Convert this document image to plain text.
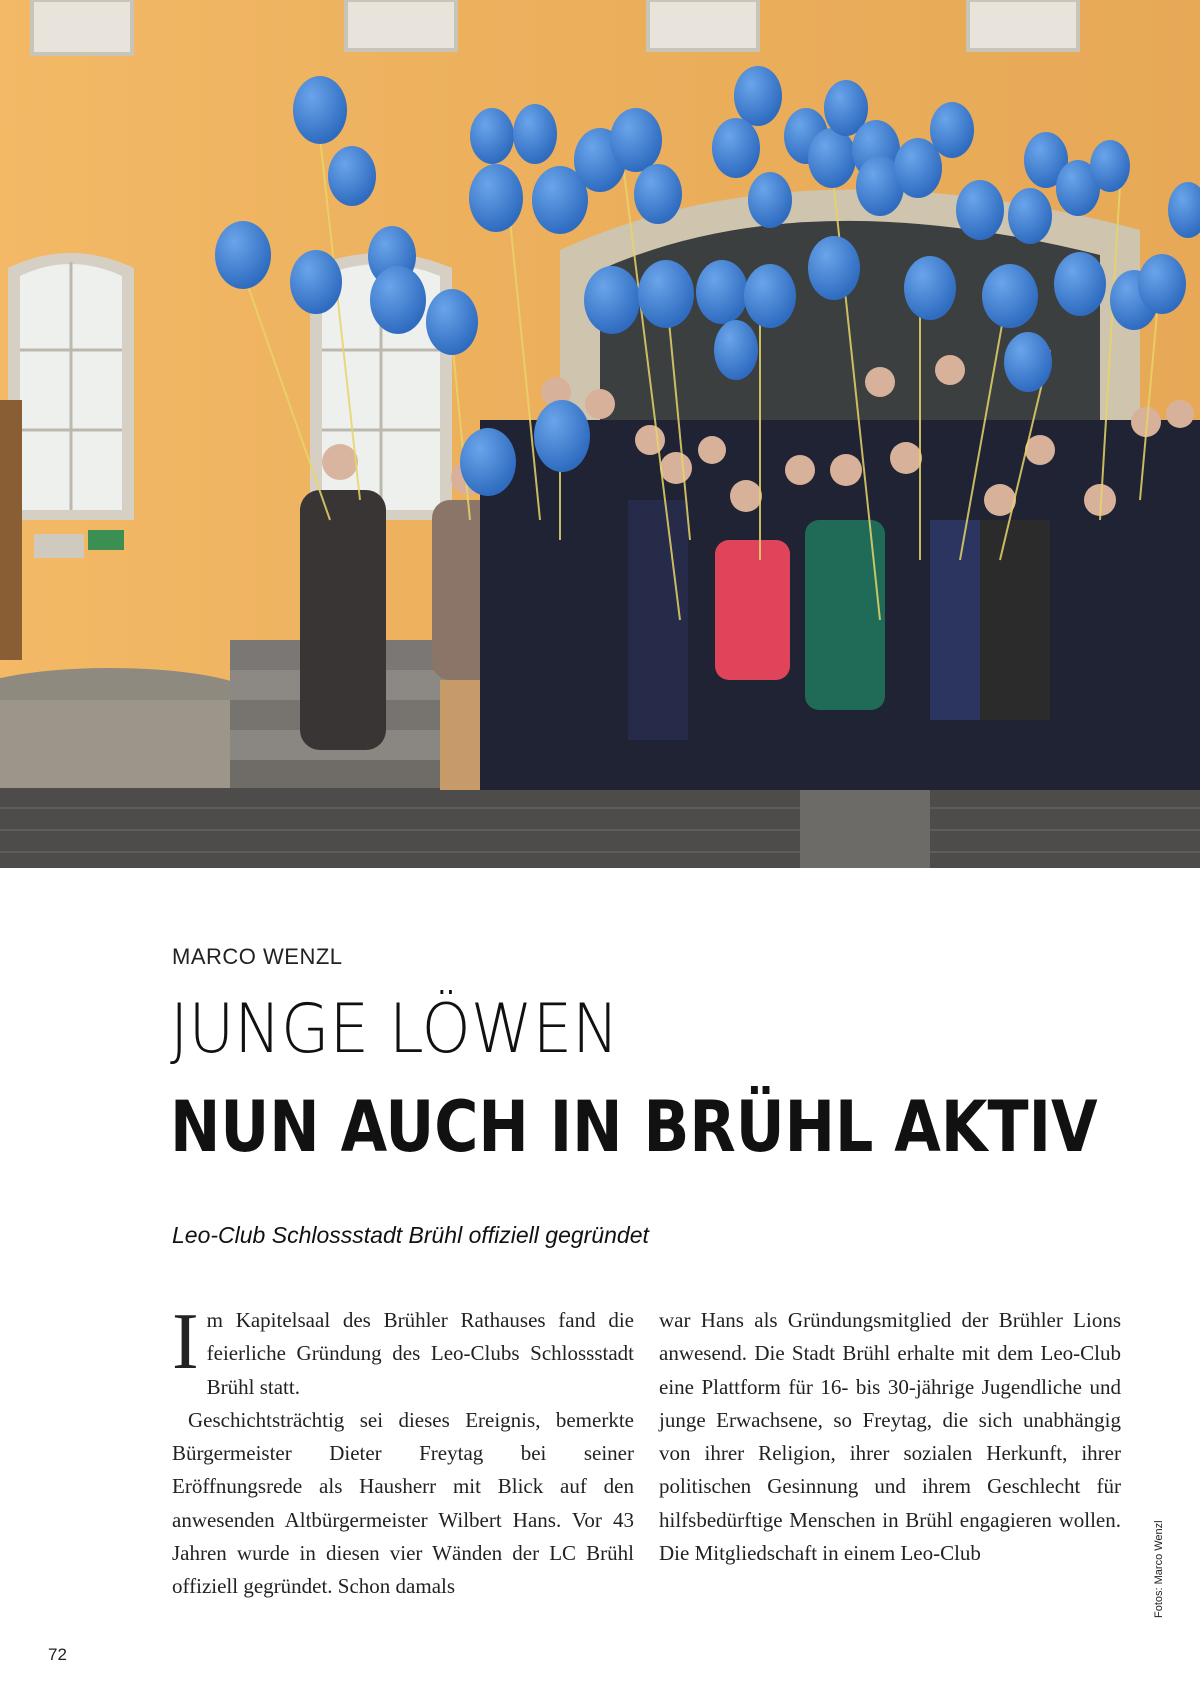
MARCO WENZL
JUNGE LÖWEN
NUN AUCH IN BRÜHL AKTIV
Leo-Club Schlossstadt Brühl offiziell gegründet

Im Kapitelsaal des Brühler Rathauses fand die feierliche Gründung des Leo-Clubs Schlossstadt Brühl statt.

Geschichtsträchtig sei dieses Ereignis, bemerkte Bürgermeister Dieter Freytag bei seiner Eröffnungsrede als Hausherr mit Blick auf den anwesenden Altbürgermeister Wilbert Hans. Vor 43 Jahren wurde in diesen vier Wänden der LC Brühl offiziell gegründet. Schon damals

war Hans als Gründungsmitglied der Brühler Lions anwesend. Die Stadt Brühl erhalte mit dem Leo-Club eine Plattform für 16- bis 30-jährige Jugendliche und junge Erwachsene, so Freytag, die sich unabhängig von ihrer Religion, ihrer sozialen Herkunft, ihrer politischen Gesinnung und ihrem Geschlecht für hilfsbedürftige Menschen in Brühl engagieren wollen. Die Mitgliedschaft in einem Leo-Club	Fotos: Marco Wenzl
72
